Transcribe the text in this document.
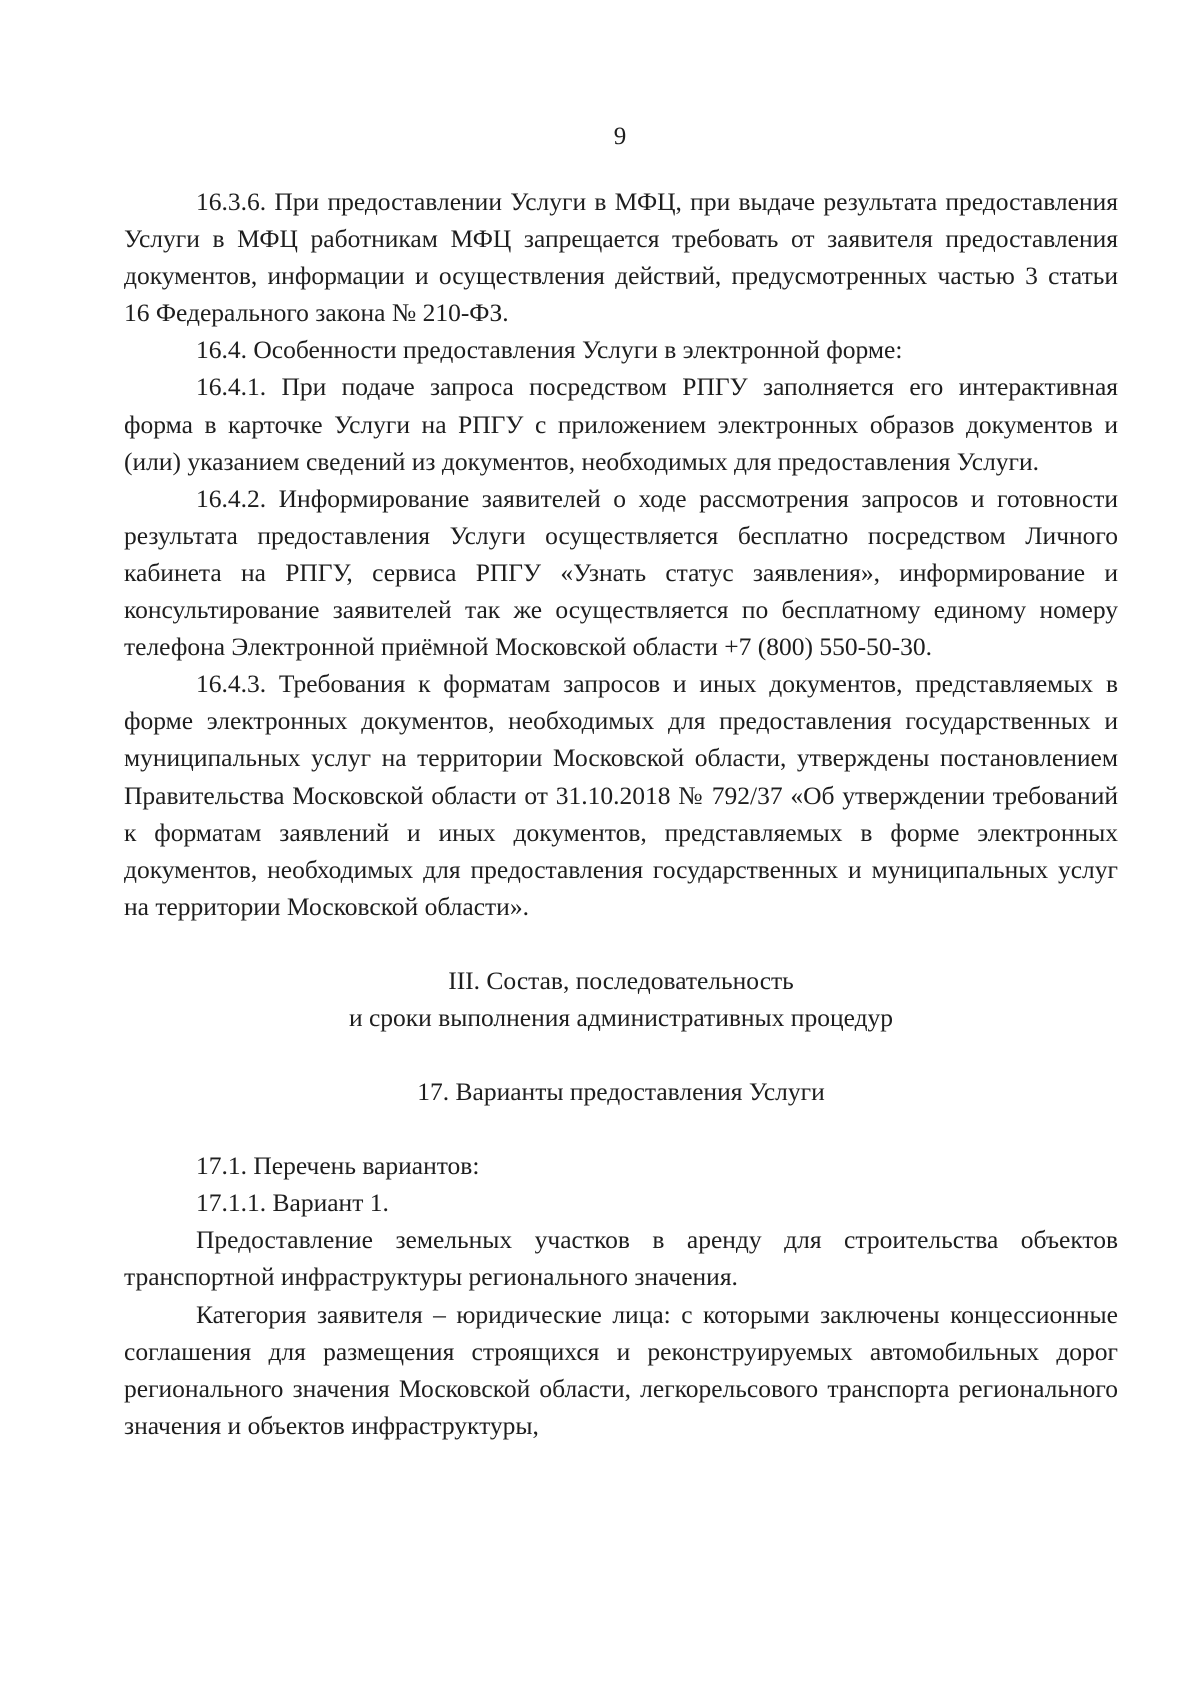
9

16.3.6. При предоставлении Услуги в МФЦ, при выдаче результата предоставления Услуги в МФЦ работникам МФЦ запрещается требовать от заявителя предоставления документов, информации и осуществления действий, предусмотренных частью 3 статьи 16 Федерального закона № 210-ФЗ.

16.4. Особенности предоставления Услуги в электронной форме:

16.4.1. При подаче запроса посредством РПГУ заполняется его интерактивная форма в карточке Услуги на РПГУ с приложением электронных образов документов и (или) указанием сведений из документов, необходимых для предоставления Услуги.

16.4.2. Информирование заявителей о ходе рассмотрения запросов и готовности результата предоставления Услуги осуществляется бесплатно посредством Личного кабинета на РПГУ, сервиса РПГУ «Узнать статус заявления», информирование и консультирование заявителей так же осуществляется по бесплатному единому номеру телефона Электронной приёмной Московской области +7 (800) 550-50-30.

16.4.3. Требования к форматам запросов и иных документов, представляемых в форме электронных документов, необходимых для предоставления государственных и муниципальных услуг на территории Московской области, утверждены постановлением Правительства Московской области от 31.10.2018 № 792/37 «Об утверждении требований к форматам заявлений и иных документов, представляемых в форме электронных документов, необходимых для предоставления государственных и муниципальных услуг на территории Московской области».

III. Состав, последовательность

и сроки выполнения административных процедур

17. Варианты предоставления Услуги

17.1. Перечень вариантов:

17.1.1. Вариант 1.

Предоставление земельных участков в аренду для строительства объектов транспортной инфраструктуры регионального значения.

Категория заявителя – юридические лица: с которыми заключены концессионные соглашения для размещения строящихся и реконструируемых автомобильных дорог регионального значения Московской области, легкорельсового транспорта регионального значения и объектов инфраструктуры,
